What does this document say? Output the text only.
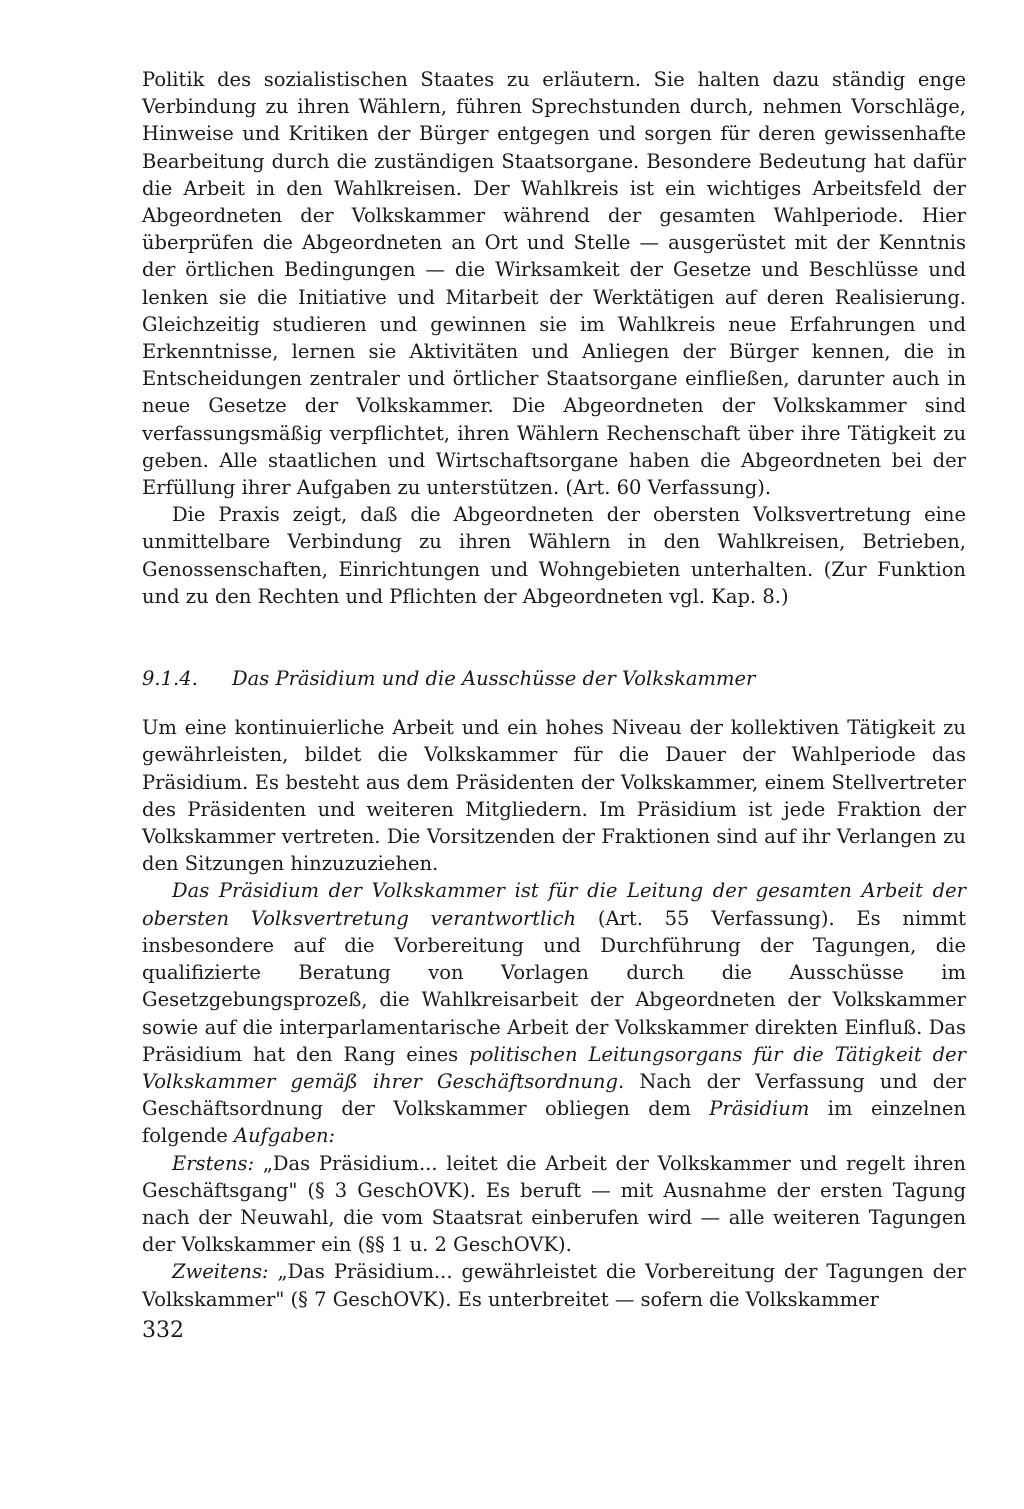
Politik des sozialistischen Staates zu erläutern. Sie halten dazu ständig enge Verbindung zu ihren Wählern, führen Sprechstunden durch, nehmen Vorschläge, Hinweise und Kritiken der Bürger entgegen und sorgen für deren gewissenhafte Bearbeitung durch die zuständigen Staatsorgane. Besondere Bedeutung hat dafür die Arbeit in den Wahlkreisen. Der Wahlkreis ist ein wichtiges Arbeitsfeld der Abgeordneten der Volkskammer während der gesamten Wahlperiode. Hier überprüfen die Abgeordneten an Ort und Stelle — ausgerüstet mit der Kenntnis der örtlichen Bedingungen — die Wirksamkeit der Gesetze und Beschlüsse und lenken sie die Initiative und Mitarbeit der Werktätigen auf deren Realisierung. Gleichzeitig studieren und gewinnen sie im Wahlkreis neue Erfahrungen und Erkenntnisse, lernen sie Aktivitäten und Anliegen der Bürger kennen, die in Entscheidungen zentraler und örtlicher Staatsorgane einfließen, darunter auch in neue Gesetze der Volkskammer. Die Abgeordneten der Volkskammer sind verfassungsmäßig verpflichtet, ihren Wählern Rechenschaft über ihre Tätigkeit zu geben. Alle staatlichen und Wirtschaftsorgane haben die Abgeordneten bei der Erfüllung ihrer Aufgaben zu unterstützen. (Art. 60 Verfassung).

Die Praxis zeigt, daß die Abgeordneten der obersten Volksvertretung eine unmittelbare Verbindung zu ihren Wählern in den Wahlkreisen, Betrieben, Genossenschaften, Einrichtungen und Wohngebieten unterhalten. (Zur Funktion und zu den Rechten und Pflichten der Abgeordneten vgl. Kap. 8.)

9.1.4.	Das Präsidium und die Ausschüsse der Volkskammer

Um eine kontinuierliche Arbeit und ein hohes Niveau der kollektiven Tätigkeit zu gewährleisten, bildet die Volkskammer für die Dauer der Wahlperiode das Präsidium. Es besteht aus dem Präsidenten der Volkskammer, einem Stellvertreter des Präsidenten und weiteren Mitgliedern. Im Präsidium ist jede Fraktion der Volkskammer vertreten. Die Vorsitzenden der Fraktionen sind auf ihr Verlangen zu den Sitzungen hinzuzuziehen.

Das Präsidium der Volkskammer ist für die Leitung der gesamten Arbeit der obersten Volksvertretung verantwortlich (Art. 55 Verfassung). Es nimmt insbesondere auf die Vorbereitung und Durchführung der Tagungen, die qualifizierte Beratung von Vorlagen durch die Ausschüsse im Gesetzgebungsprozeß, die Wahlkreisarbeit der Abgeordneten der Volkskammer sowie auf die interparlamentarische Arbeit der Volkskammer direkten Einfluß. Das Präsidium hat den Rang eines politischen Leitungsorgans für die Tätigkeit der Volkskammer gemäß ihrer Geschäftsordnung. Nach der Verfassung und der Geschäftsordnung der Volkskammer obliegen dem Präsidium im einzelnen folgende Aufgaben:

Erstens: „Das Präsidium... leitet die Arbeit der Volkskammer und regelt ihren Geschäftsgang" (§ 3 GeschOVK). Es beruft — mit Ausnahme der ersten Tagung nach der Neuwahl, die vom Staatsrat einberufen wird — alle weiteren Tagungen der Volkskammer ein (§§ 1 u. 2 GeschOVK).

Zweitens: „Das Präsidium... gewährleistet die Vorbereitung der Tagungen der Volkskammer" (§ 7 GeschOVK). Es unterbreitet — sofern die Volkskammer

332
